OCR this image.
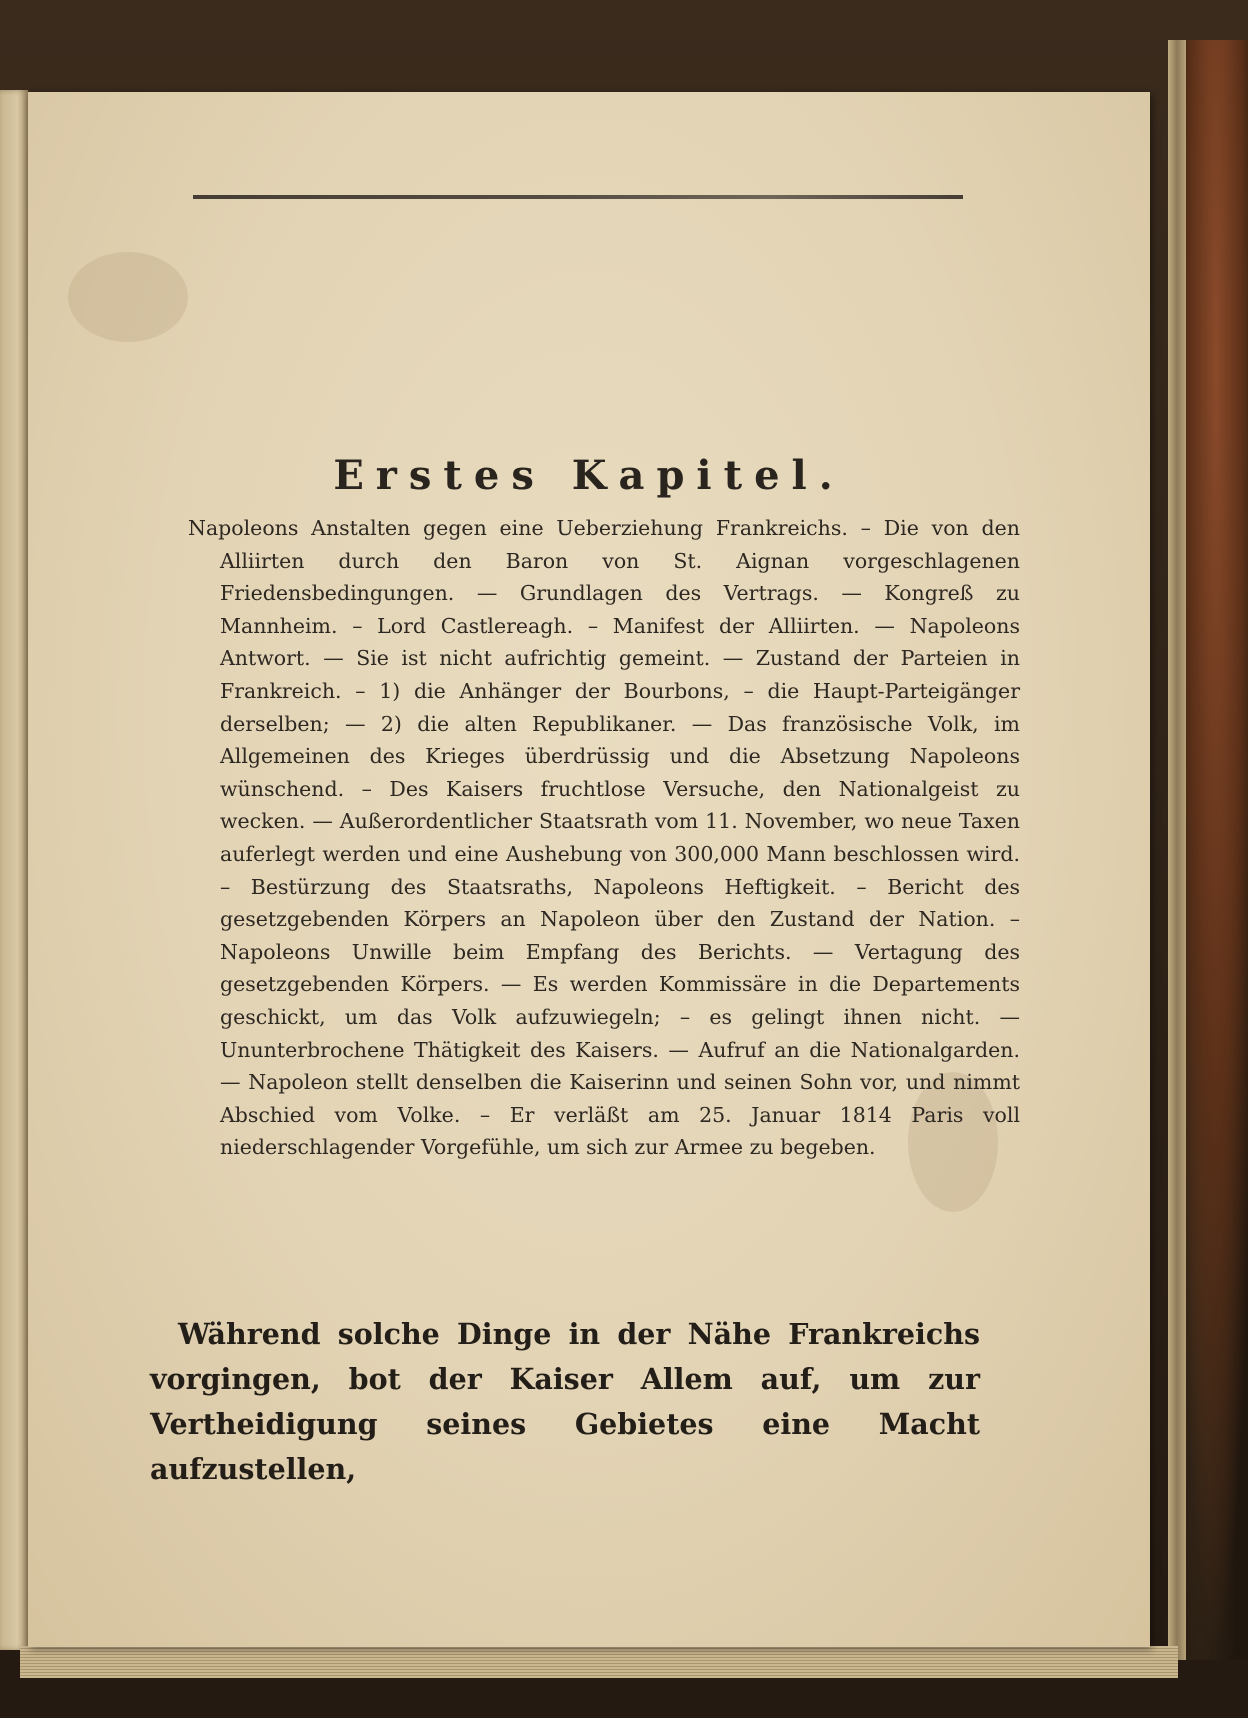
Erstes Kapitel.

Napoleons Anstalten gegen eine Ueberziehung Frankreichs. – Die von den Alliirten durch den Baron von St. Aignan vorgeschlagenen Friedensbedingungen. — Grundlagen des Vertrags. — Kongreß zu Mannheim. – Lord Castlereagh. – Manifest der Alliirten. — Napoleons Antwort. — Sie ist nicht aufrichtig gemeint. — Zustand der Parteien in Frankreich. – 1) die Anhänger der Bourbons, – die Haupt-Parteigänger derselben; — 2) die alten Republikaner. — Das französische Volk, im Allgemeinen des Krieges überdrüssig und die Absetzung Napoleons wünschend. – Des Kaisers fruchtlose Versuche, den Nationalgeist zu wecken. — Außerordentlicher Staatsrath vom 11. November, wo neue Taxen auferlegt werden und eine Aushebung von 300,000 Mann beschlossen wird. – Bestürzung des Staatsraths, Napoleons Heftigkeit. – Bericht des gesetzgebenden Körpers an Napoleon über den Zustand der Nation. – Napoleons Unwille beim Empfang des Berichts. — Vertagung des gesetzgebenden Körpers. — Es werden Kommissäre in die Departements geschickt, um das Volk aufzuwiegeln; – es gelingt ihnen nicht. — Ununterbrochene Thätigkeit des Kaisers. — Aufruf an die Nationalgarden. — Napoleon stellt denselben die Kaiserinn und seinen Sohn vor, und nimmt Abschied vom Volke. – Er verläßt am 25. Januar 1814 Paris voll niederschlagender Vorgefühle, um sich zur Armee zu begeben.

Während solche Dinge in der Nähe Frankreichs vorgingen, bot der Kaiser Allem auf, um zur Vertheidigung seines Gebietes eine Macht aufzustellen,
